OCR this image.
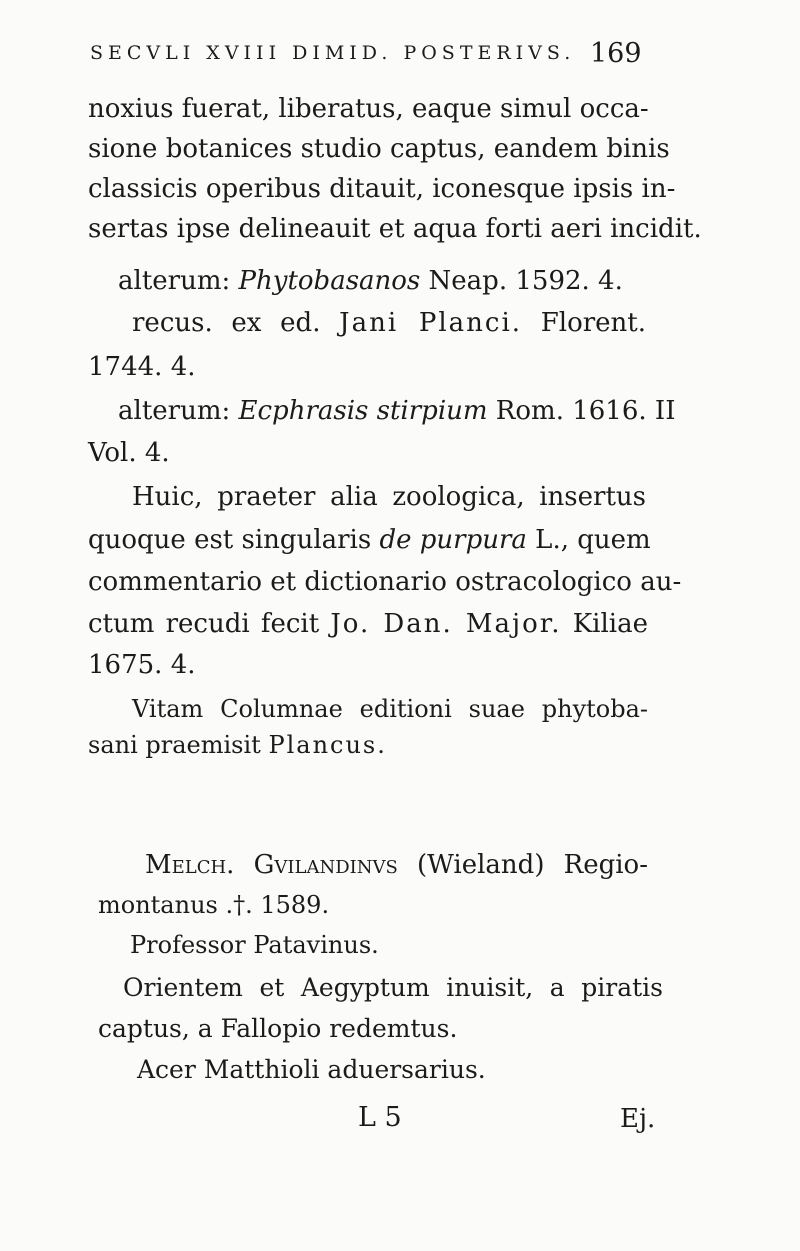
SECVLI XVIII DIMID. POSTERIVS. 169
noxius fuerat, liberatus, eaque simul occa-
sione botanices studio captus, eandem binis
classicis operibus ditauit, iconesque ipsis in-
sertas ipse delineauit et aqua forti aeri incidit.
alterum: Phytobasanos Neap. 1592. 4.
recus. ex ed. Jani Planci. Florent.
1744. 4.
alterum: Ecphrasis stirpium Rom. 1616. II
Vol. 4.
Huic, praeter alia zoologica, insertus
quoque est singularis de purpura L., quem
commentario et dictionario ostracologico au-
ctum recudi fecit Jo. Dan. Major. Kiliae
1675. 4.
Vitam Columnae editioni suae phytoba-
sani praemisit Plancus.
Melch. Gvilandinvs (Wieland) Regio-
montanus .†. 1589.
Professor Patavinus.
Orientem et Aegyptum inuisit, a piratis
captus, a Fallopio redemtus.
Acer Matthioli aduersarius.
L 5	Ej.
